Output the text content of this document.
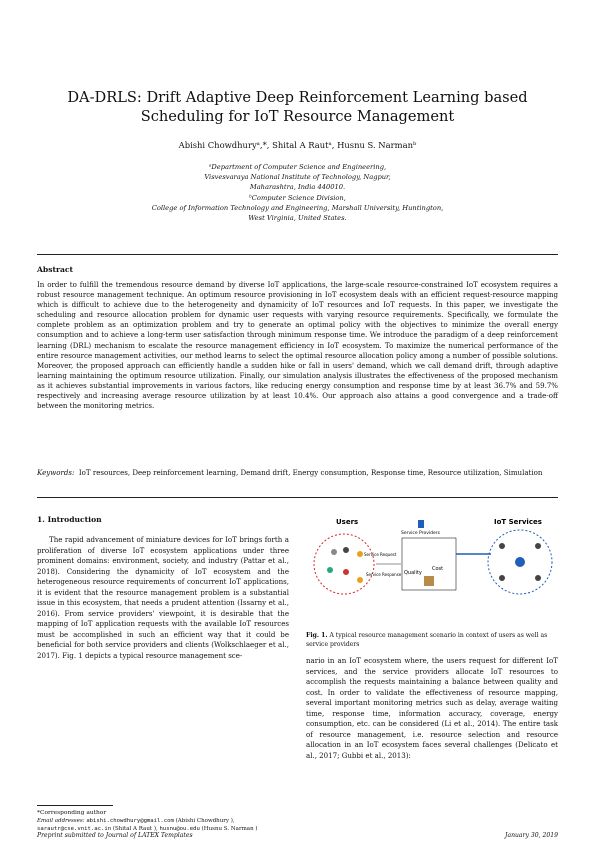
DA-DRLS: Drift Adaptive Deep Reinforcement Learning based Scheduling for IoT Resource Management
Abishi Chowdhuryᵃ,*, Shital A Rautᵃ, Husnu S. Narmanᵇ
ᵃDepartment of Computer Science and Engineering,
Visvesvaraya National Institute of Technology, Nagpur,
Maharashtra, India 440010.
ᵇComputer Science Division,
College of Information Technology and Engineering, Marshall University, Huntington,
West Virginia, United States.
Abstract
In order to fulfill the tremendous resource demand by diverse IoT applications, the large-scale resource-constrained IoT ecosystem requires a robust resource management technique. An optimum resource provisioning in IoT ecosystem deals with an efficient request-resource mapping which is difficult to achieve due to the heterogeneity and dynamicity of IoT resources and IoT requests. In this paper, we investigate the scheduling and resource allocation problem for dynamic user requests with varying resource requirements. Specifically, we formulate the complete problem as an optimization problem and try to generate an optimal policy with the objectives to minimize the overall energy consumption and to achieve a long-term user satisfaction through minimum response time. We introduce the paradigm of a deep reinforcement learning (DRL) mechanism to escalate the resource management efficiency in IoT ecosystem. To maximize the numerical performance of the entire resource management activities, our method learns to select the optimal resource allocation policy among a number of possible solutions. Moreover, the proposed approach can efficiently handle a sudden hike or fall in users' demand, which we call demand drift, through adaptive learning maintaining the optimum resource utilization. Finally, our simulation analysis illustrates the effectiveness of the proposed mechanism as it achieves substantial improvements in various factors, like reducing energy consumption and response time by at least 36.7% and 59.7% respectively and increasing average resource utilization by at least 10.4%. Our approach also attains a good convergence and a trade-off between the monitoring metrics.
Keywords: IoT resources, Deep reinforcement learning, Demand drift, Energy consumption, Response time, Resource utilization, Simulation
1. Introduction

The rapid advancement of miniature devices for IoT brings forth a proliferation of diverse IoT ecosystem applications under three prominent domains: environment, society, and industry (Pattar et al., 2018). Considering the dynamicity of IoT ecosystem and the heterogeneous resource requirements of concurrent IoT applications, it is evident that the resource management problem is a substantial issue in this ecosystem, that needs a prudent attention (Issarny et al., 2016). From service providers' viewpoint, it is desirable that the mapping of IoT application requests with the available IoT resources must be accomplished in such an efficient way that it could be beneficial for both service providers and clients (Wolkschlaeger et al., 2017). Fig. 1 depicts a typical resource management sce-

Users
Service Request
Service Response
Service Providers
Quality
Cost
IoT Services
Fig. 1. A typical resource management scenario in context of users as well as service providers

nario in an IoT ecosystem where, the users request for different IoT services, and the service providers allocate IoT resources to accomplish the requests maintaining a balance between quality and cost. In order to validate the effectiveness of resource mapping, several important monitoring metrics such as delay, average waiting time, response time, information accuracy, coverage, energy consumption, etc. can be considered (Li et al., 2014). The entire task of resource management, i.e. resource selection and resource allocation in an IoT ecosystem faces several challenges (Delicato et al., 2017; Gubbi et al., 2013):

*Corresponding author
Email addresses: abishi.chowdhury@gmail.com (Abishi Chowdhury ), sarautr@cse.vnit.ac.in (Shital A Raut ), husnu@ou.edu (Husnu S. Narman )
Preprint submitted to Journal of LATEX Templates	January 30, 2019
